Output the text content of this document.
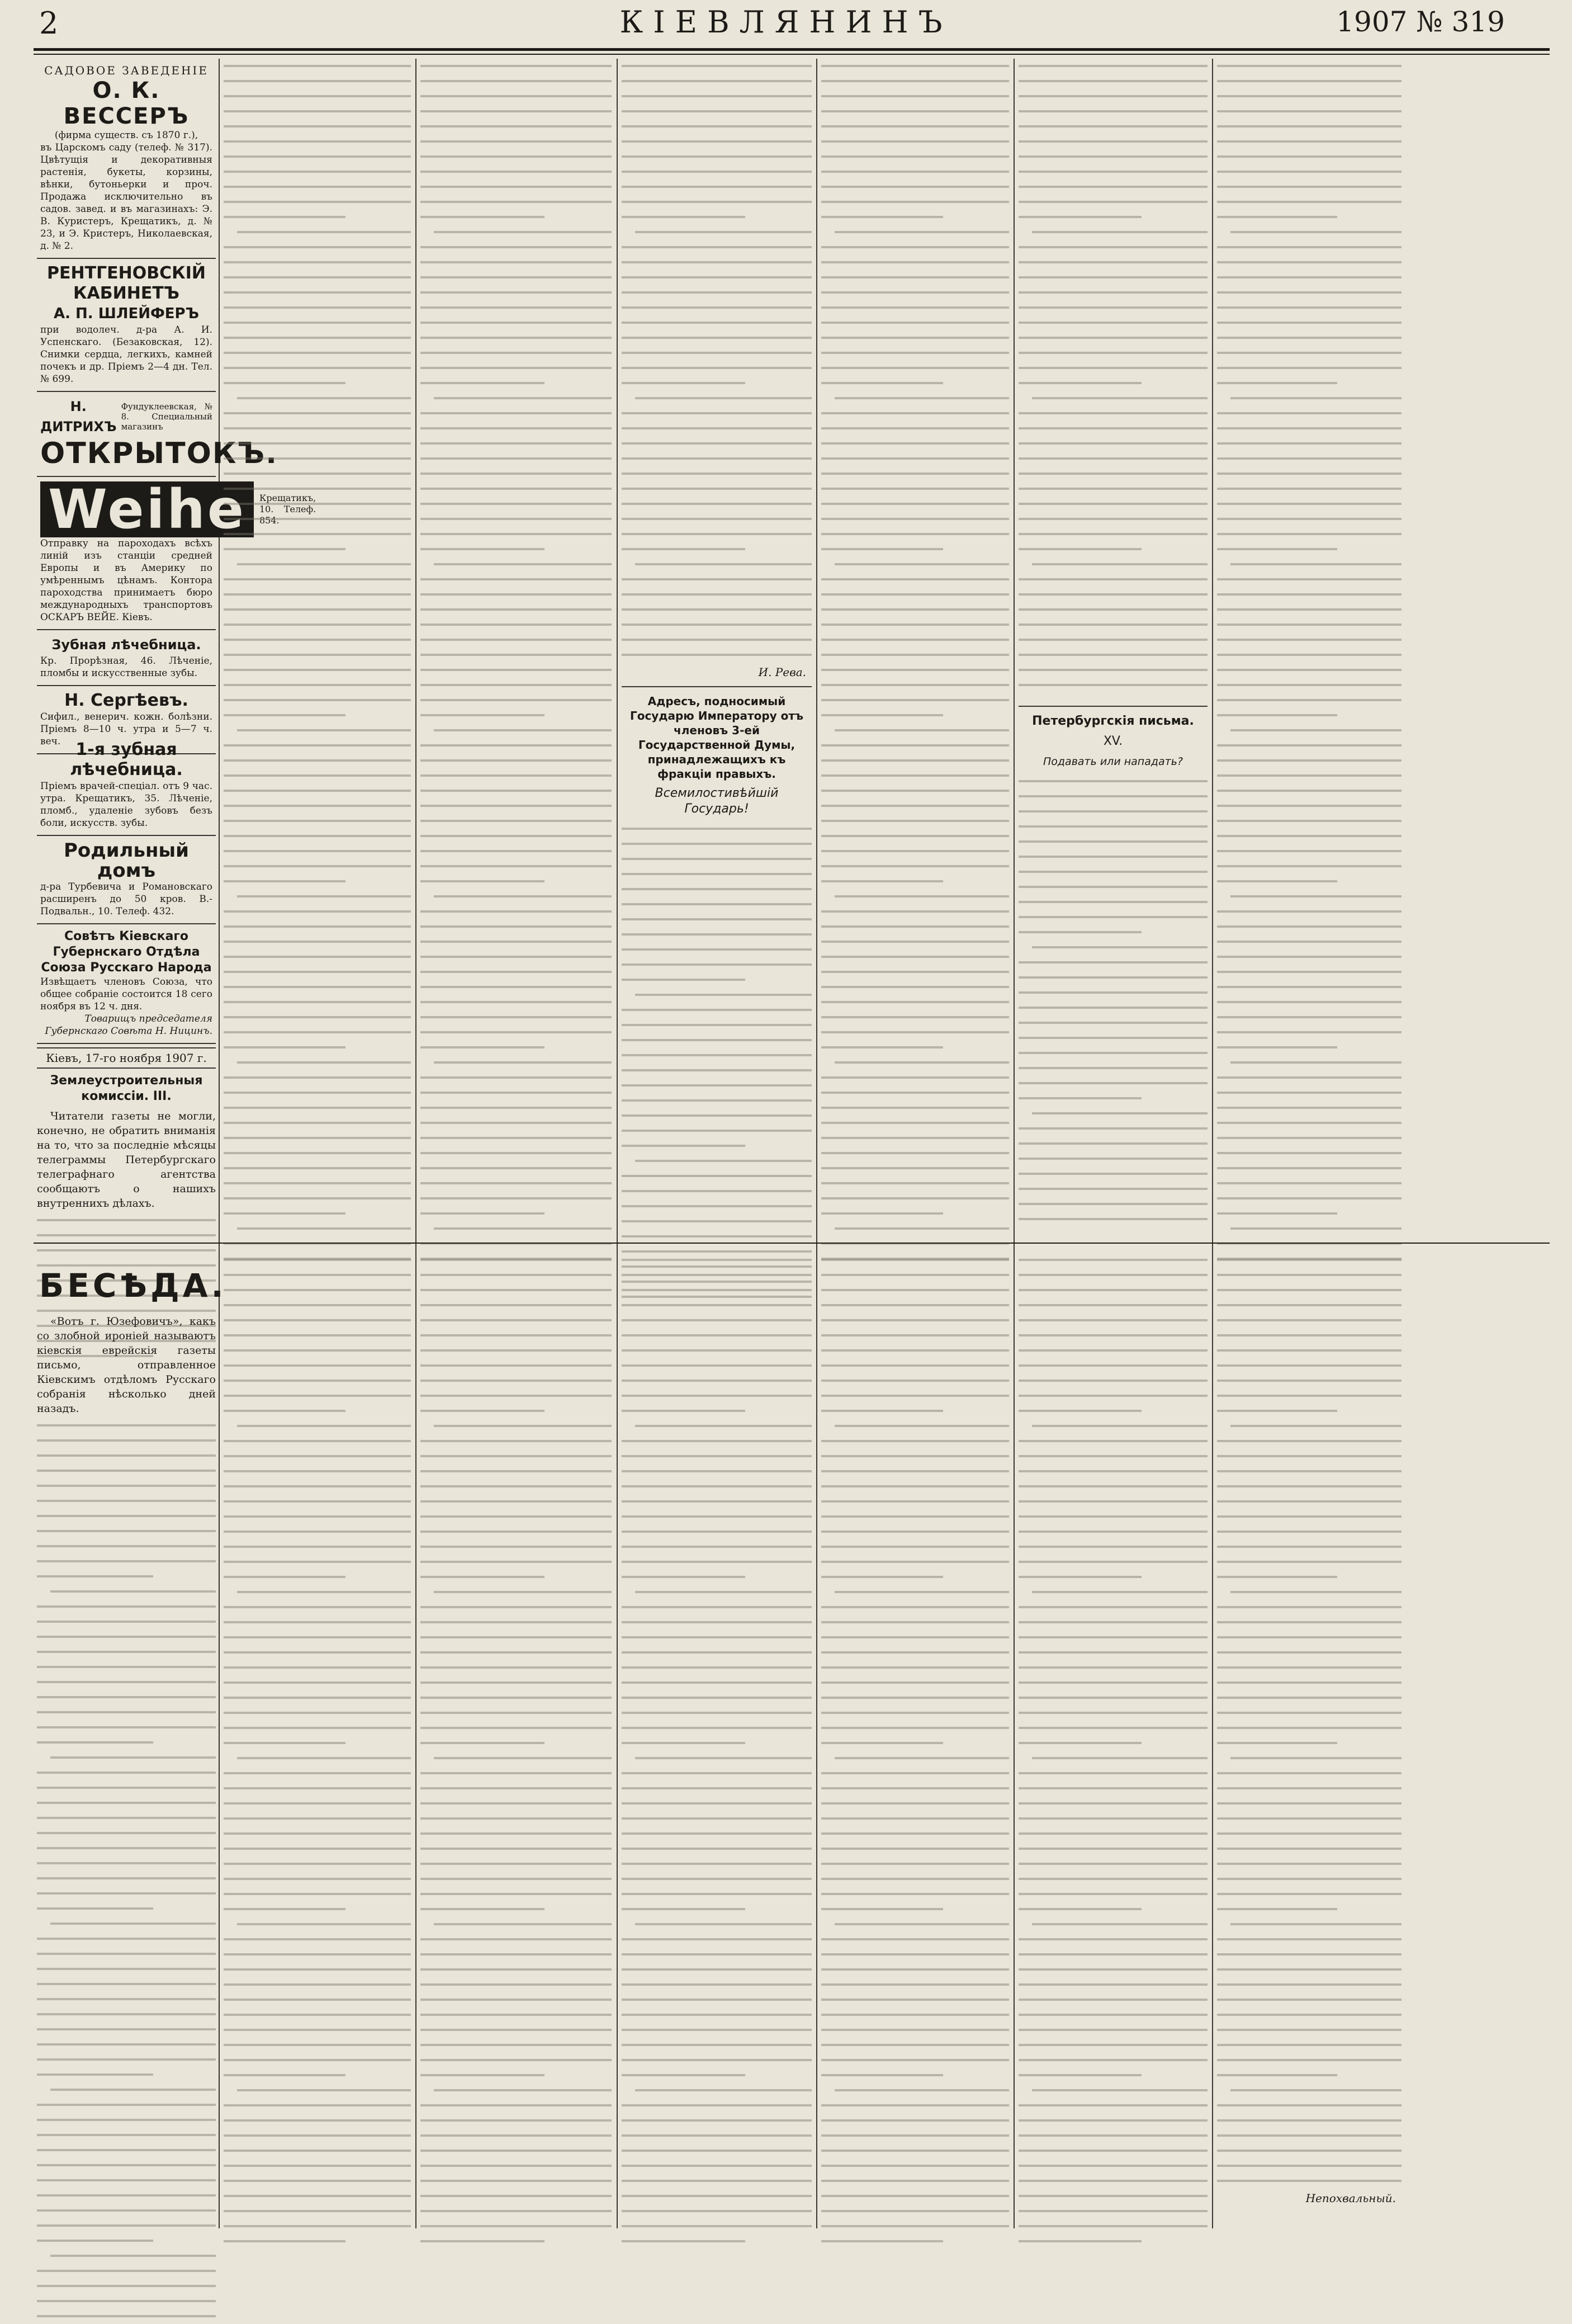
2	КІЕВЛЯНИНЪ	1907 № 319
САДОВОЕ ЗАВЕДЕНІЕ
О. К. ВЕССЕРЪ
(фирма существ. съ 1870 г.),
въ Царскомъ саду (телеф. № 317). Цвѣтущія и декоративныя растенія, букеты, корзины, вѣнки, бутоньерки и проч. Продажа исключительно въ садов. завед. и въ магазинахъ: Э. В. Куристеръ, Крещатикъ, д. № 23, и Э. Кристеръ, Николаевская, д. № 2.
РЕНТГЕНОВСКІЙ КАБИНЕТЪ
А. П. ШЛЕЙФЕРЪ
при водолеч. д-ра А. И. Успенскаго. (Безаковская, 12). Снимки сердца, легкихъ, камней почекъ и др. Пріемъ 2—4 дн. Тел. № 699.
Н. ДИТРИХЪ
Фундуклеевская, № 8. Специальный магазинъ
ОТКРЫТОКЪ.
Weihe	Крещатикъ, 10. Телеф. 854.
Отправку на пароходахъ всѣхъ линій изъ станціи средней Европы и въ Америку по умѣреннымъ цѣнамъ. Контора пароходства принимаетъ бюро международныхъ транспортовъ ОСКАРЪ ВЕЙЕ. Кіевъ.
Зубная лѣчебница.
Кр. Прорѣзная, 46. Лѣченіе, пломбы и искусственные зубы.
Н. Сергѣевъ.
Сифил., венерич. кожн. болѣзни. Пріемъ 8—10 ч. утра и 5—7 ч. веч. 1-я зубная лѣчебница.
Пріемъ врачей-спеціал. отъ 9 час. утра. Крещатикъ, 35. Лѣченіе, пломб., удаленіе зубовъ безъ боли, искусств. зубы.
Родильный домъ
д-ра Турбевича и Романовскаго расширенъ до 50 кров. В.-Подвальн., 10. Телеф. 432.
Совѣтъ Кіевскаго Губернскаго Отдѣла Союза Русскаго Народа
Извѣщаетъ членовъ Союза, что общее собраніе состоится 18 сего ноября въ 12 ч. дня.
Товарищъ председателя Губернскаго Совѣта Н. Ницинъ.
Кіевъ, 17-го ноября 1907 г.
Землеустроительныя комиссіи. III.

Читатели газеты не могли, конечно, не обратить вниманія на то, что за последніе мѣсяцы телеграммы Петербургскаго телеграфнаго агентства сообщаютъ о нашихъ внутреннихъ дѣлахъ.

И. Рева.
Адресъ, подносимый Государю Императору отъ членовъ 3-ей Государственной Думы, принадлежащихъ къ фракціи правыхъ.
Всемилостивѣйшій Государь!
Петербургскія письма.
XV.
Подавать или нападать?
БЕСѢДА.

«Вотъ г. Юзефовичъ», какъ со злобной ироніей называютъ кіевскія еврейскія газеты письмо, отправленное Кіевскимъ отдѣломъ Русскаго собранія нѣсколько дней назадъ.

Непохвальный.
